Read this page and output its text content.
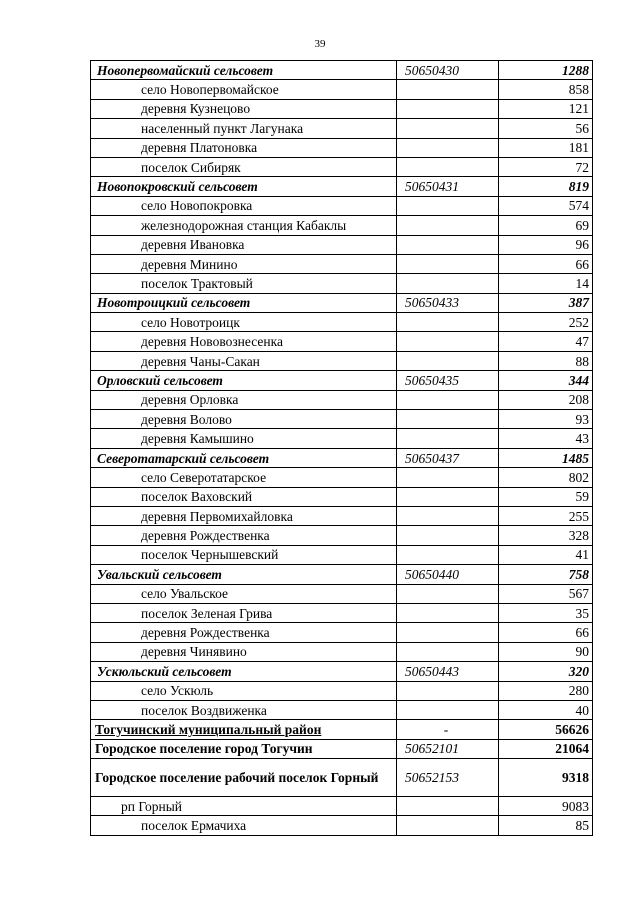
39
Новопервомайский сельсовет	50650430	1288
село Новопервомайское		858
деревня Кузнецово		121
населенный пункт Лагунака		56
деревня Платоновка		181
поселок Сибиряк		72
Новопокровский сельсовет	50650431	819
село Новопокровка		574
железнодорожная станция Кабаклы		69
деревня Ивановка		96
деревня Минино		66
поселок Трактовый		14
Новотроицкий сельсовет	50650433	387
село Новотроицк		252
деревня Нововознесенка		47
деревня Чаны-Сакан		88
Орловский сельсовет	50650435	344
деревня Орловка		208
деревня Волово		93
деревня Камышино		43
Северотатарский сельсовет	50650437	1485
село Северотатарское		802
поселок Ваховский		59
деревня Первомихайловка		255
деревня Рождественка		328
поселок Чернышевский		41
Увальский сельсовет	50650440	758
село Увальское		567
поселок Зеленая Грива		35
деревня Рождественка		66
деревня Чинявино		90
Ускюльский сельсовет	50650443	320
село Ускюль		280
поселок Воздвиженка		40
Тогучинский муниципальный район	-	56626
Городское поселение город Тогучин	50652101	21064
Городское поселение рабочий поселок Горный	50652153	9318
рп Горный		9083
поселок Ермачиха		85
